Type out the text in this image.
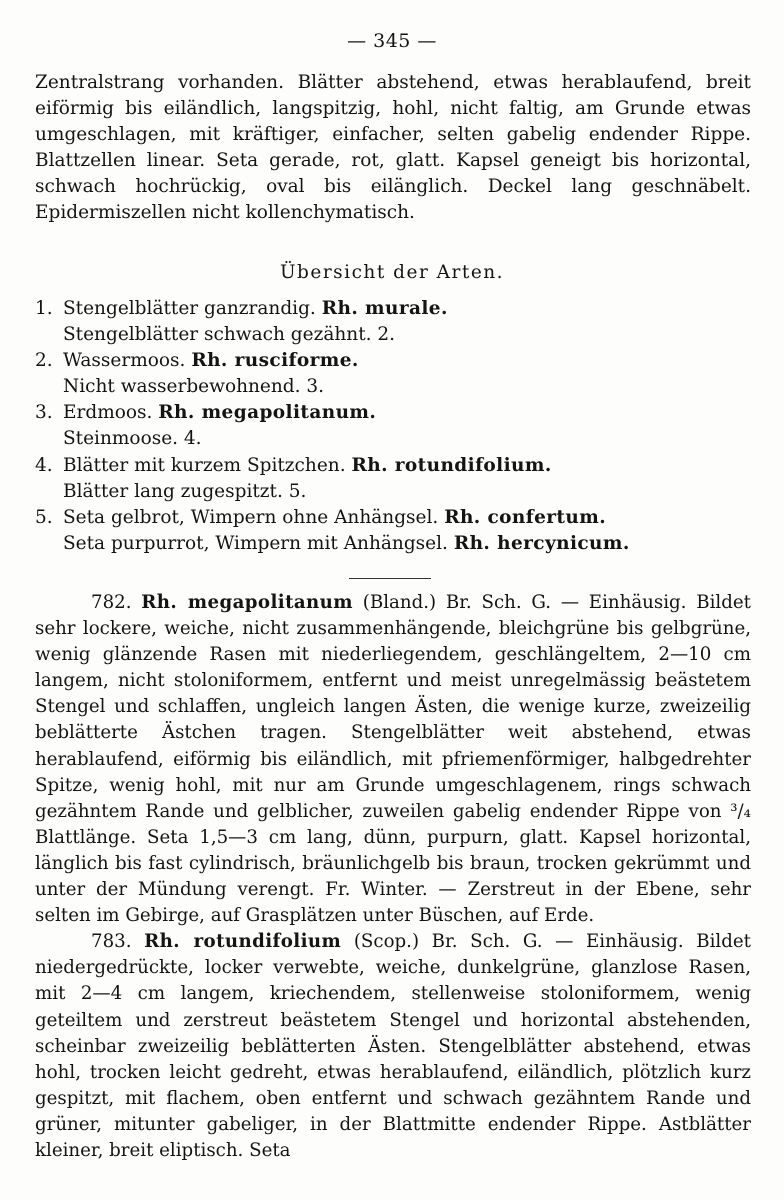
— 345 —

Zentralstrang vorhanden. Blätter abstehend, etwas herablaufend, breit eiförmig bis eiländlich, langspitzig, hohl, nicht faltig, am Grunde etwas umgeschlagen, mit kräftiger, einfacher, selten gabelig endender Rippe. Blattzellen linear. Seta gerade, rot, glatt. Kapsel geneigt bis horizontal, schwach hochrückig, oval bis eilänglich. Deckel lang geschnäbelt. Epidermiszellen nicht kollenchymatisch.

Übersicht der Arten.
1. Stengelblätter ganzrandig. Rh. murale.
Stengelblätter schwach gezähnt. 2.
2. Wassermoos. Rh. rusciforme.
Nicht wasserbewohnend. 3.
3. Erdmoos. Rh. megapolitanum.
Steinmoose. 4.
4. Blätter mit kurzem Spitzchen. Rh. rotundifolium.
Blätter lang zugespitzt. 5.
5. Seta gelbrot, Wimpern ohne Anhängsel. Rh. confertum.
Seta purpurrot, Wimpern mit Anhängsel. Rh. hercynicum.

782. Rh. megapolitanum (Bland.) Br. Sch. G. — Einhäusig. Bildet sehr lockere, weiche, nicht zusammenhängende, bleichgrüne bis gelbgrüne, wenig glänzende Rasen mit niederliegendem, geschlängeltem, 2—10 cm langem, nicht stoloniformem, entfernt und meist unregelmässig beästetem Stengel und schlaffen, ungleich langen Ästen, die wenige kurze, zweizeilig beblätterte Ästchen tragen. Stengelblätter weit abstehend, etwas herablaufend, eiförmig bis eiländlich, mit pfriemenförmiger, halbgedrehter Spitze, wenig hohl, mit nur am Grunde umgeschlagenem, rings schwach gezähntem Rande und gelblicher, zuweilen gabelig endender Rippe von ³/₄ Blattlänge. Seta 1,5—3 cm lang, dünn, purpurn, glatt. Kapsel horizontal, länglich bis fast cylindrisch, bräunlichgelb bis braun, trocken gekrümmt und unter der Mündung verengt. Fr. Winter. — Zerstreut in der Ebene, sehr selten im Gebirge, auf Grasplätzen unter Büschen, auf Erde.

783. Rh. rotundifolium (Scop.) Br. Sch. G. — Einhäusig. Bildet niedergedrückte, locker verwebte, weiche, dunkelgrüne, glanzlose Rasen, mit 2—4 cm langem, kriechendem, stellenweise stoloniformem, wenig geteiltem und zerstreut beästetem Stengel und horizontal abstehenden, scheinbar zweizeilig beblätterten Ästen. Stengelblätter abstehend, etwas hohl, trocken leicht gedreht, etwas herablaufend, eiländlich, plötzlich kurz gespitzt, mit flachem, oben entfernt und schwach gezähntem Rande und grüner, mitunter gabeliger, in der Blattmitte endender Rippe. Astblätter kleiner, breit eliptisch. Seta
